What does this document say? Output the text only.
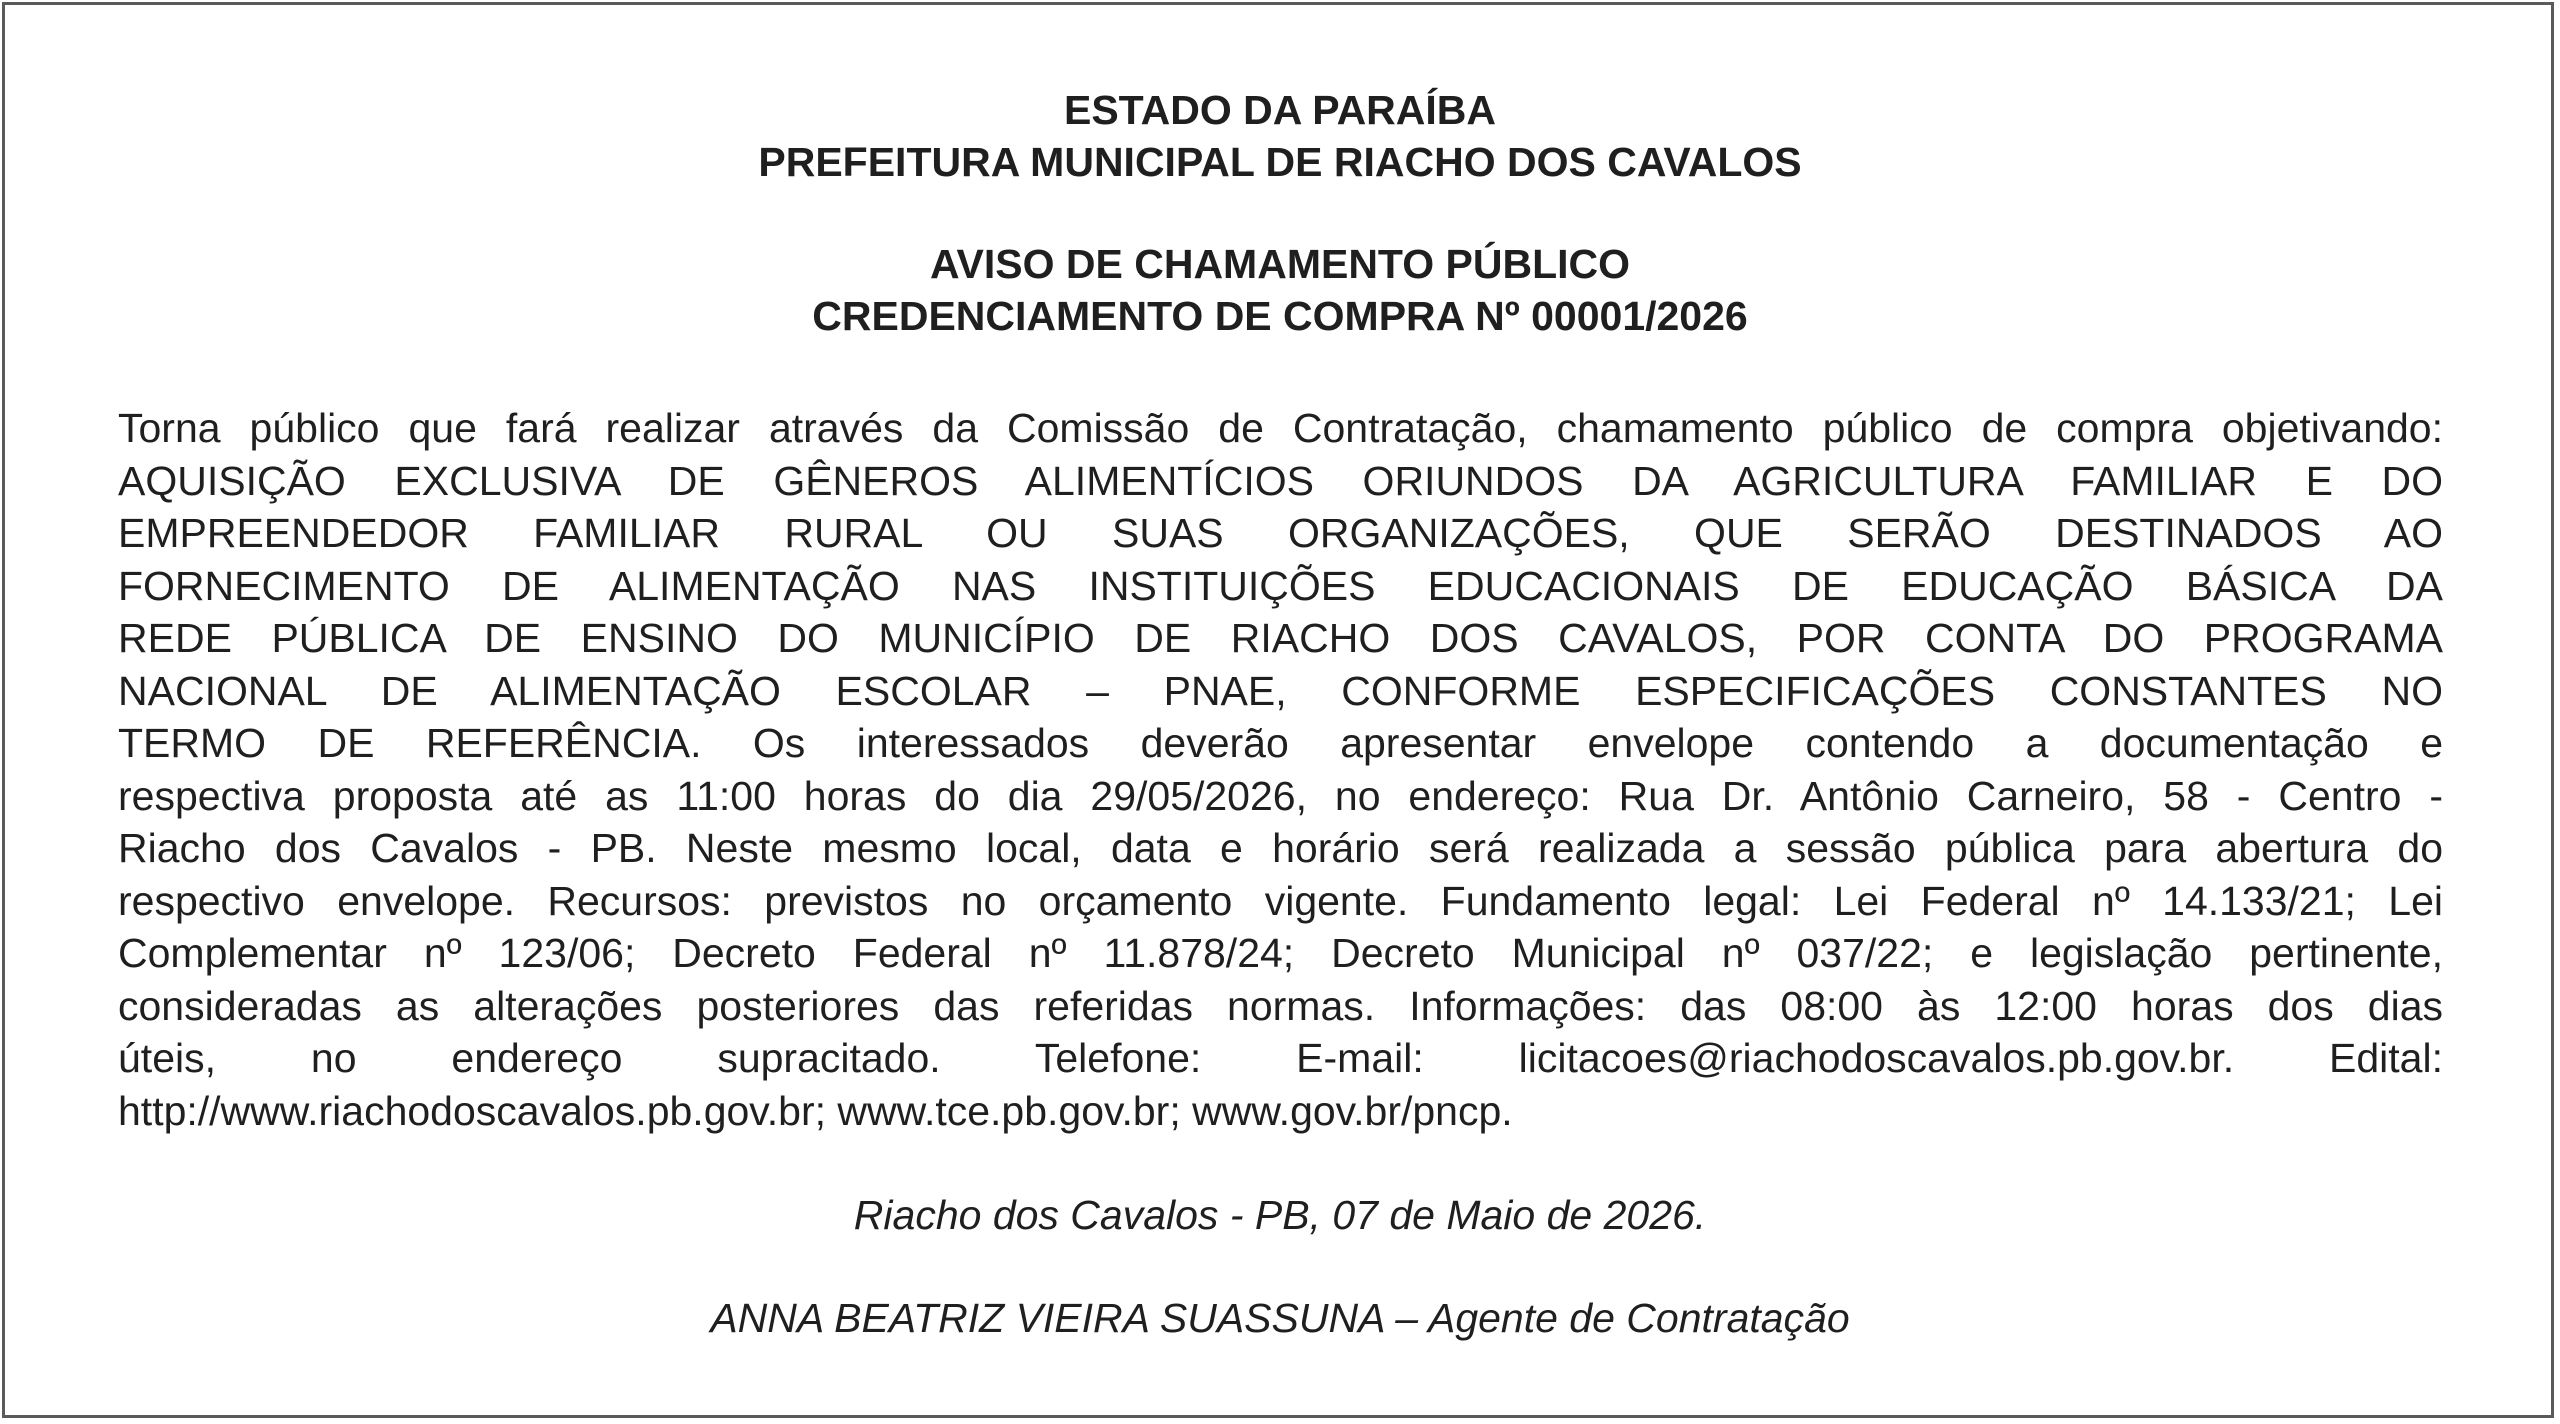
ESTADO DA PARAÍBA
PREFEITURA MUNICIPAL DE RIACHO DOS CAVALOS
AVISO DE CHAMAMENTO PÚBLICO
CREDENCIAMENTO DE COMPRA Nº 00001/2026
Torna público que fará realizar através da Comissão de Contratação, chamamento público de compra objetivando:
AQUISIÇÃO EXCLUSIVA DE GÊNEROS ALIMENTÍCIOS ORIUNDOS DA AGRICULTURA FAMILIAR E DO
EMPREENDEDOR FAMILIAR RURAL OU SUAS ORGANIZAÇÕES, QUE SERÃO DESTINADOS AO
FORNECIMENTO DE ALIMENTAÇÃO NAS INSTITUIÇÕES EDUCACIONAIS DE EDUCAÇÃO BÁSICA DA
REDE PÚBLICA DE ENSINO DO MUNICÍPIO DE RIACHO DOS CAVALOS, POR CONTA DO PROGRAMA
NACIONAL DE ALIMENTAÇÃO ESCOLAR – PNAE, CONFORME ESPECIFICAÇÕES CONSTANTES NO
TERMO DE REFERÊNCIA. Os interessados deverão apresentar envelope contendo a documentação e
respectiva proposta até as 11:00 horas do dia 29/05/2026, no endereço: Rua Dr. Antônio Carneiro, 58 - Centro -
Riacho dos Cavalos - PB. Neste mesmo local, data e horário será realizada a sessão pública para abertura do
respectivo envelope. Recursos: previstos no orçamento vigente. Fundamento legal: Lei Federal nº 14.133/21; Lei
Complementar nº 123/06; Decreto Federal nº 11.878/24; Decreto Municipal nº 037/22; e legislação pertinente,
consideradas as alterações posteriores das referidas normas. Informações: das 08:00 às 12:00 horas dos dias
úteis, no endereço supracitado. Telefone: E-mail: licitacoes@riachodoscavalos.pb.gov.br. Edital:
http://www.riachodoscavalos.pb.gov.br; www.tce.pb.gov.br; www.gov.br/pncp.
Riacho dos Cavalos - PB, 07 de Maio de 2026.
ANNA BEATRIZ VIEIRA SUASSUNA – Agente de Contratação
